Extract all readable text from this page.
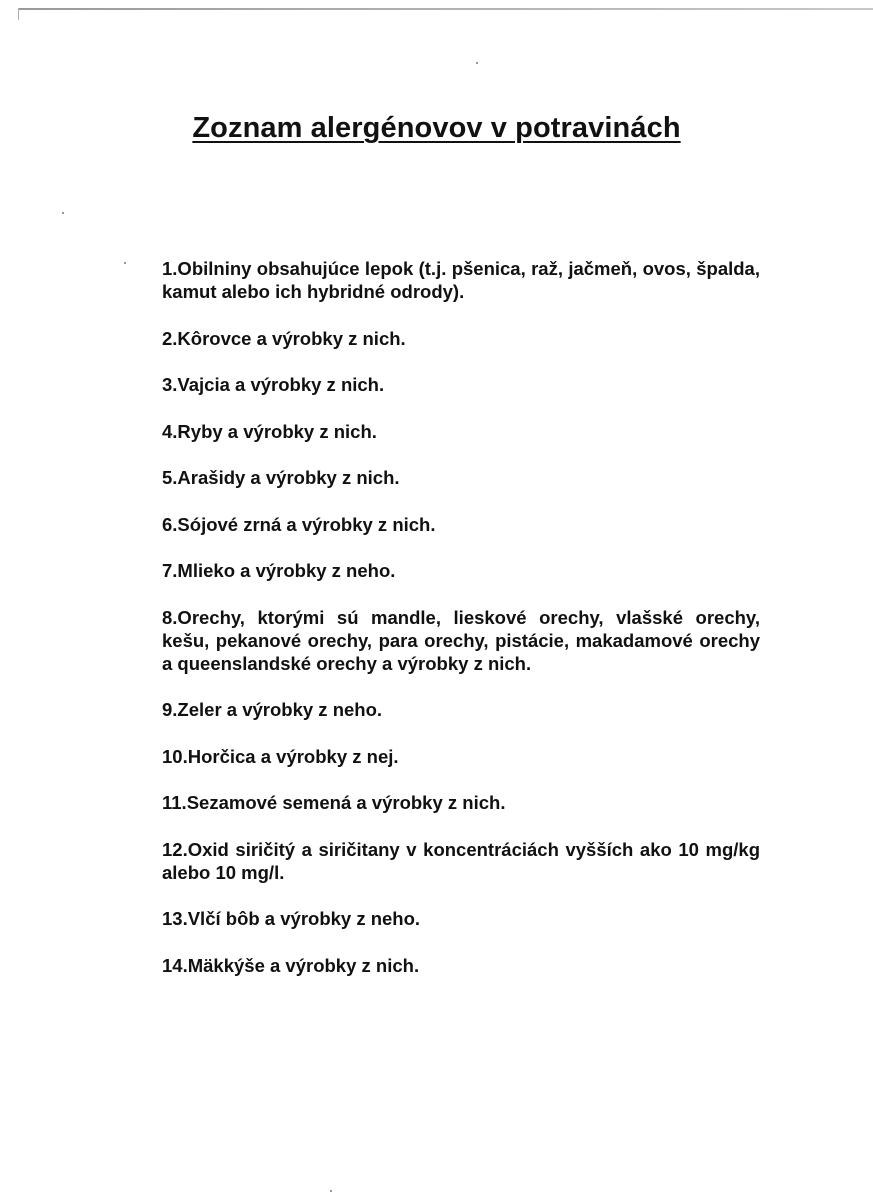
Zoznam alergénovov v potravinách
1.Obilniny obsahujúce lepok (t.j. pšenica, raž, jačmeň, ovos, špalda, kamut alebo ich hybridné odrody).
2.Kôrovce a výrobky z nich.
3.Vajcia a výrobky z nich.
4.Ryby a výrobky z nich.
5.Arašidy a výrobky z nich.
6.Sójové zrná a výrobky z nich.
7.Mlieko a výrobky z neho.
8.Orechy, ktorými sú mandle, lieskové orechy, vlašské orechy, kešu, pekanové orechy, para orechy, pistácie, makadamové orechy a queenslandské orechy a výrobky z nich.
9.Zeler a výrobky z neho.
10.Horčica a výrobky z nej.
11.Sezamové semená a výrobky z nich.
12.Oxid siričitý a siričitany v koncentráciách vyšších ako 10 mg/kg alebo 10 mg/l.
13.Vlčí bôb a výrobky z neho.
14.Mäkkýše a výrobky z nich.
